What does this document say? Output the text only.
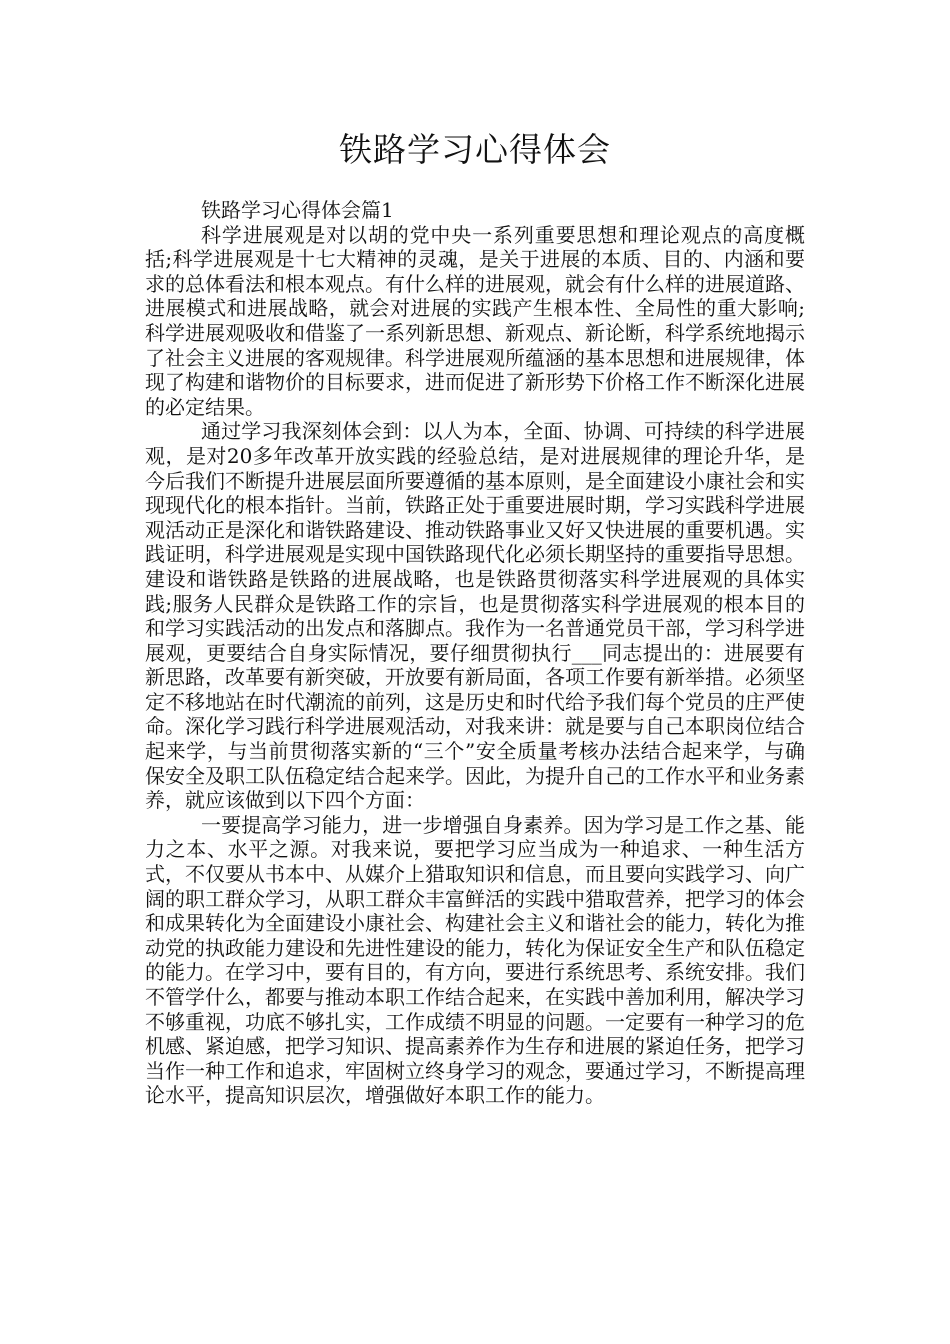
铁路学习心得体会

铁路学习心得体会篇1

科学进展观是对以胡的党中央一系列重要思想和理论观点的高度概括;科学进展观是十七大精神的灵魂，是关于进展的本质、目的、内涵和要求的总体看法和根本观点。有什么样的进展观，就会有什么样的进展道路、进展模式和进展战略，就会对进展的实践产生根本性、全局性的重大影响;科学进展观吸收和借鉴了一系列新思想、新观点、新论断，科学系统地揭示了社会主义进展的客观规律。科学进展观所蕴涵的基本思想和进展规律，体现了构建和谐物价的目标要求，进而促进了新形势下价格工作不断深化进展的必定结果。

通过学习我深刻体会到：以人为本，全面、协调、可持续的科学进展观，是对20多年改革开放实践的经验总结，是对进展规律的理论升华，是今后我们不断提升进展层面所要遵循的基本原则，是全面建设小康社会和实现现代化的根本指针。当前，铁路正处于重要进展时期，学习实践科学进展观活动正是深化和谐铁路建设、推动铁路事业又好又快进展的重要机遇。实践证明，科学进展观是实现中国铁路现代化必须长期坚持的重要指导思想。建设和谐铁路是铁路的进展战略，也是铁路贯彻落实科学进展观的具体实践;服务人民群众是铁路工作的宗旨，也是贯彻落实科学进展观的根本目的和学习实践活动的出发点和落脚点。我作为一名普通党员干部，学习科学进展观，更要结合自身实际情况，要仔细贯彻执行___同志提出的：进展要有新思路，改革要有新突破，开放要有新局面，各项工作要有新举措。必须坚定不移地站在时代潮流的前列，这是历史和时代给予我们每个党员的庄严使命。深化学习践行科学进展观活动，对我来讲：就是要与自己本职岗位结合起来学，与当前贯彻落实新的“三个”安全质量考核办法结合起来学，与确保安全及职工队伍稳定结合起来学。因此，为提升自己的工作水平和业务素养，就应该做到以下四个方面：

一要提高学习能力，进一步增强自身素养。因为学习是工作之基、能力之本、水平之源。对我来说，要把学习应当成为一种追求、一种生活方式，不仅要从书本中、从媒介上猎取知识和信息，而且要向实践学习、向广阔的职工群众学习，从职工群众丰富鲜活的实践中猎取营养，把学习的体会和成果转化为全面建设小康社会、构建社会主义和谐社会的能力，转化为推动党的执政能力建设和先进性建设的能力，转化为保证安全生产和队伍稳定的能力。在学习中，要有目的，有方向，要进行系统思考、系统安排。我们不管学什么，都要与推动本职工作结合起来，在实践中善加利用，解决学习不够重视，功底不够扎实，工作成绩不明显的问题。一定要有一种学习的危机感、紧迫感，把学习知识、提高素养作为生存和进展的紧迫任务，把学习当作一种工作和追求，牢固树立终身学习的观念，要通过学习，不断提高理论水平，提高知识层次，增强做好本职工作的能力。
